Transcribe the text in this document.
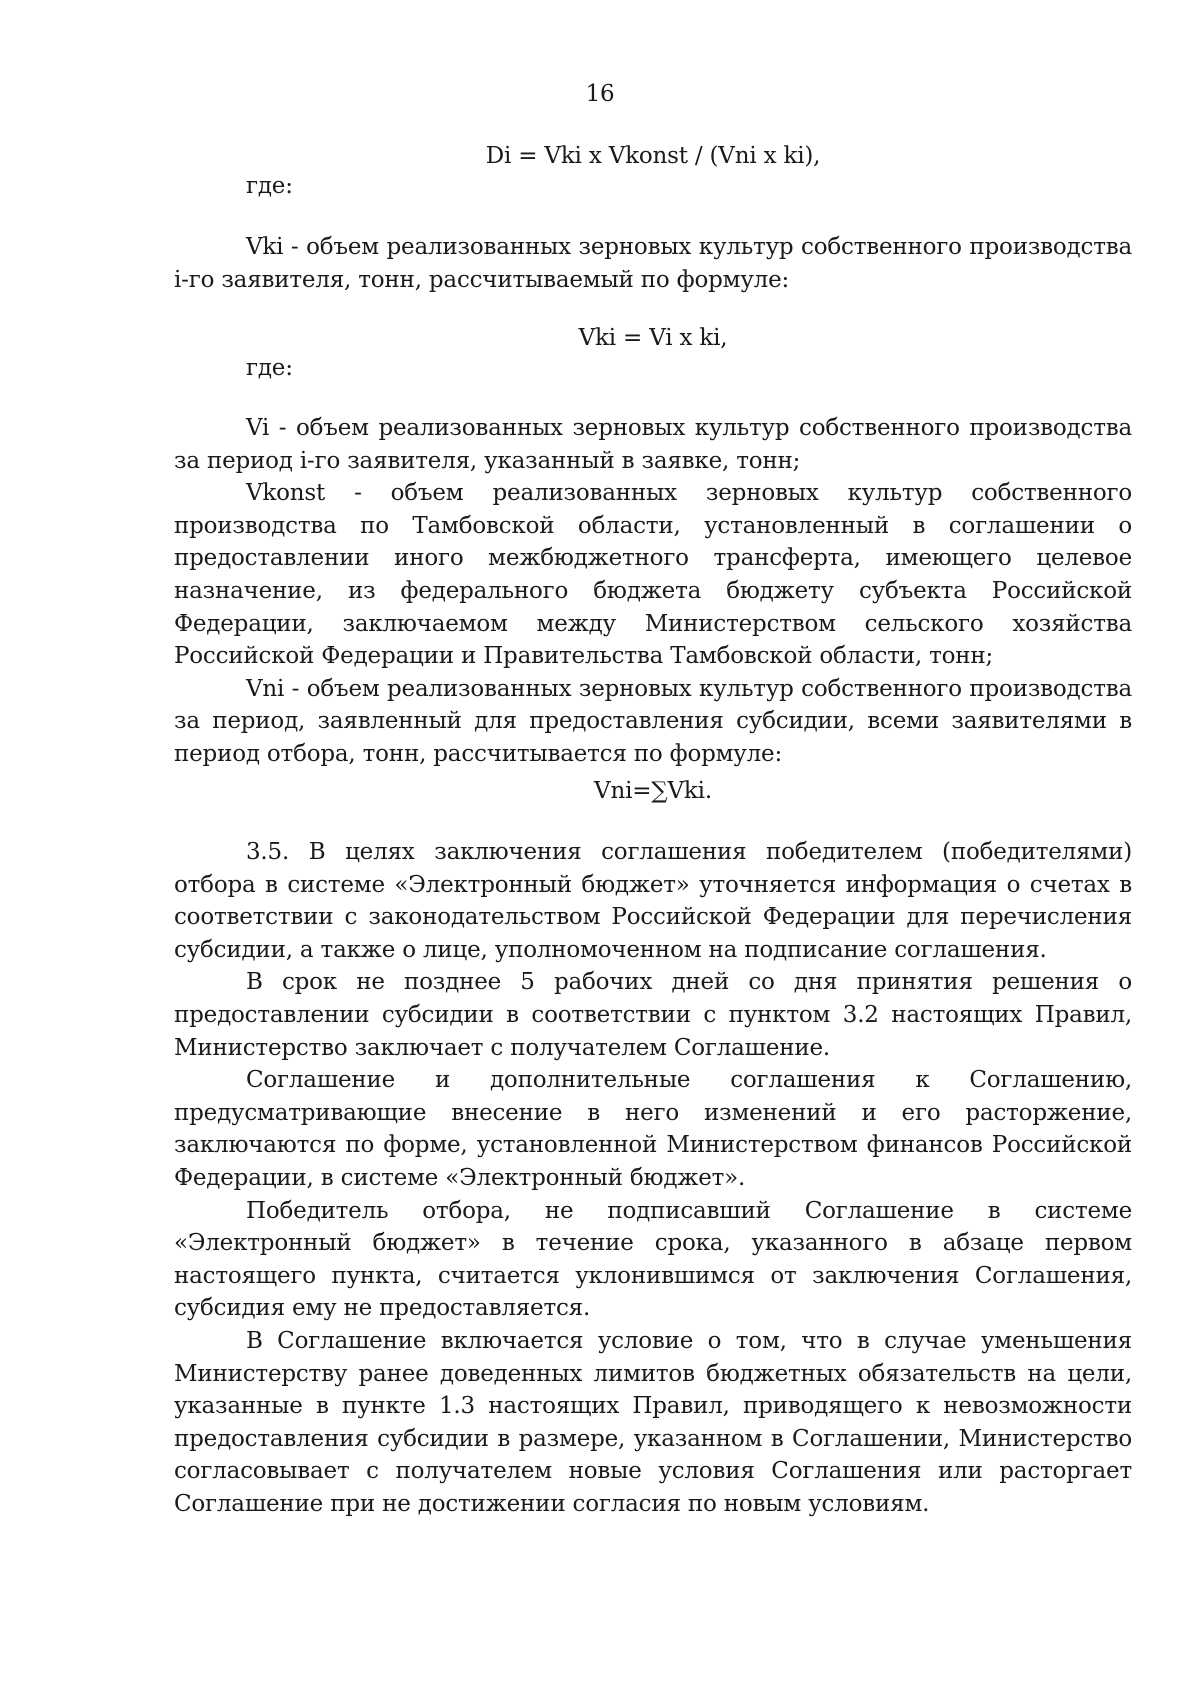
16
Di = Vki x Vkonst / (Vni x ki),
где:

Vki - объем реализованных зерновых культур собственного производства i-го заявителя, тонн, рассчитываемый по формуле:

Vki = Vi x ki,
где:

Vi - объем реализованных зерновых культур собственного производства за период i-го заявителя, указанный в заявке, тонн;

Vkonst - объем реализованных зерновых культур собственного производства по Тамбовской области, установленный в соглашении о предоставлении иного межбюджетного трансферта, имеющего целевое назначение, из федерального бюджета бюджету субъекта Российской Федерации, заключаемом между Министерством сельского хозяйства Российской Федерации и Правительства Тамбовской области, тонн;

Vni - объем реализованных зерновых культур собственного производства за период, заявленный для предоставления субсидии, всеми заявителями в период отбора, тонн, рассчитывается по формуле:

Vni=∑Vki.

3.5. В целях заключения соглашения победителем (победителями) отбора в системе «Электронный бюджет» уточняется информация о счетах в соответствии с законодательством Российской Федерации для перечисления субсидии, а также о лице, уполномоченном на подписание соглашения.

В срок не позднее 5 рабочих дней со дня принятия решения о предоставлении субсидии в соответствии с пунктом 3.2 настоящих Правил, Министерство заключает с получателем Соглашение.

Соглашение и дополнительные соглашения к Соглашению, предусматривающие внесение в него изменений и его расторжение, заключаются по форме, установленной Министерством финансов Российской Федерации, в системе «Электронный бюджет».

Победитель отбора, не подписавший Соглашение в системе «Электронный бюджет» в течение срока, указанного в абзаце первом настоящего пункта, считается уклонившимся от заключения Соглашения, субсидия ему не предоставляется.

В Соглашение включается условие о том, что в случае уменьшения Министерству ранее доведенных лимитов бюджетных обязательств на цели, указанные в пункте 1.3 настоящих Правил, приводящего к невозможности предоставления субсидии в размере, указанном в Соглашении, Министерство согласовывает с получателем новые условия Соглашения или расторгает Соглашение при не достижении согласия по новым условиям.
